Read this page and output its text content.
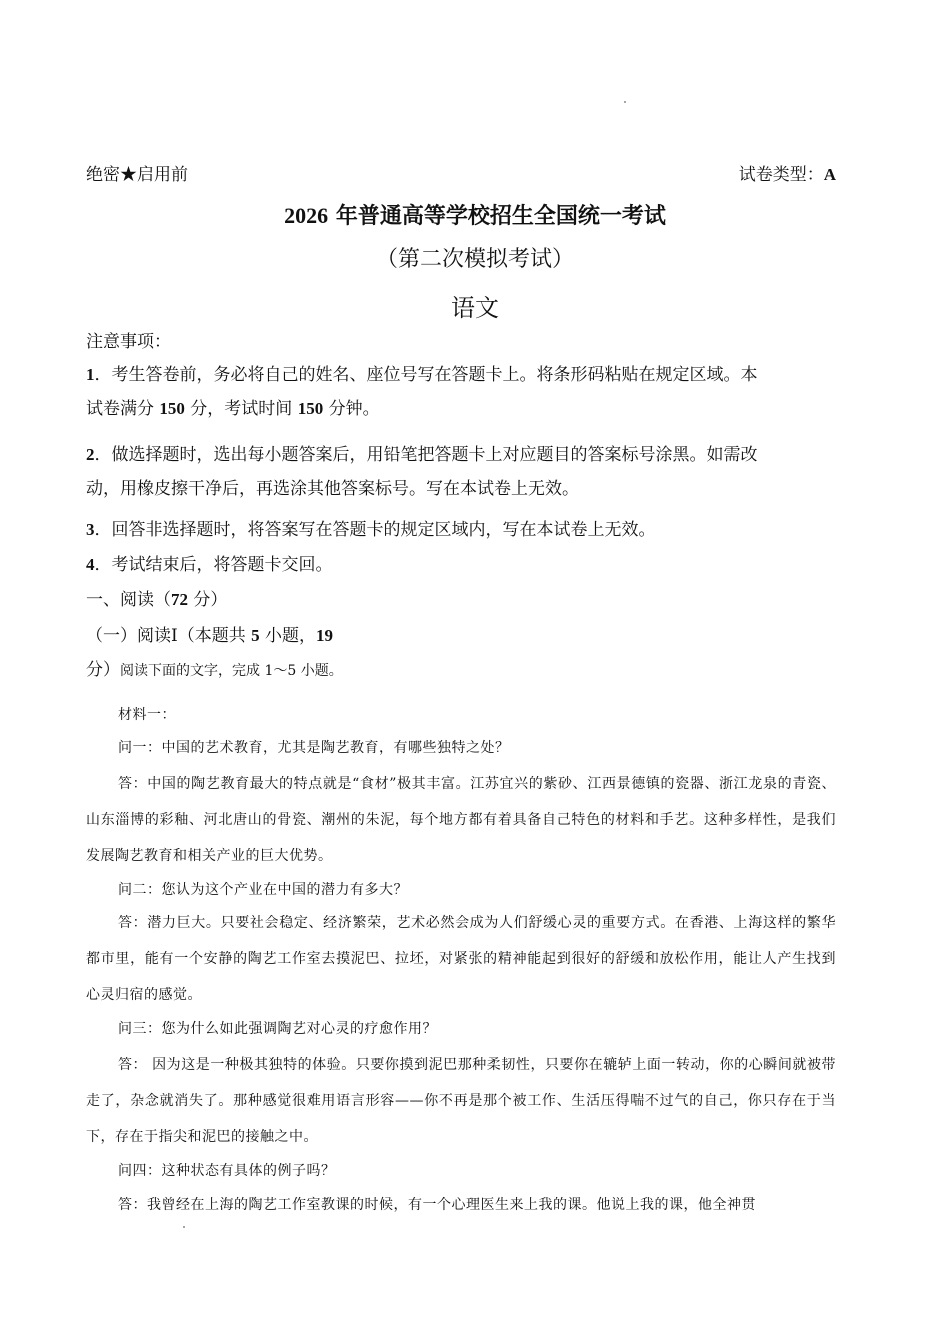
绝密★启用前	试卷类型：A
2026 年普通高等学校招生全国统一考试
（第二次模拟考试）
语文
注意事项：
1．考生答卷前，务必将自己的姓名、座位号写在答题卡上。将条形码粘贴在规定区域。本
试卷满分 150 分，考试时间 150 分钟。
2．做选择题时，选出每小题答案后，用铅笔把答题卡上对应题目的答案标号涂黑。如需改
动，用橡皮擦干净后，再选涂其他答案标号。写在本试卷上无效。
3．回答非选择题时，将答案写在答题卡的规定区域内，写在本试卷上无效。
4．考试结束后，将答题卡交回。
一、阅读（72 分）
（一）阅读Ⅰ（本题共 5 小题，19
分）阅读下面的文字，完成 1～5 小题。
材料一：
问一：中国的艺术教育，尤其是陶艺教育，有哪些独特之处？
答：中国的陶艺教育最大的特点就是“食材”极其丰富。江苏宜兴的紫砂、江西景德镇的瓷器、浙江龙泉的青瓷、山东淄博的彩釉、河北唐山的骨瓷、潮州的朱泥，每个地方都有着具备自己特色的材料和手艺。这种多样性，是我们发展陶艺教育和相关产业的巨大优势。
问二：您认为这个产业在中国的潜力有多大？
答：潜力巨大。只要社会稳定、经济繁荣，艺术必然会成为人们舒缓心灵的重要方式。在香港、上海这样的繁华都市里，能有一个安静的陶艺工作室去摸泥巴、拉坯，对紧张的精神能起到很好的舒缓和放松作用，能让人产生找到心灵归宿的感觉。
问三：您为什么如此强调陶艺对心灵的疗愈作用？
答： 因为这是一种极其独特的体验。只要你摸到泥巴那种柔韧性，只要你在辘轳上面一转动，你的心瞬间就被带走了，杂念就消失了。那种感觉很难用语言形容——你不再是那个被工作、生活压得喘不过气的自己，你只存在于当下，存在于指尖和泥巴的接触之中。
问四：这种状态有具体的例子吗？
答：我曾经在上海的陶艺工作室教课的时候，有一个心理医生来上我的课。他说上我的课，他全神贯
